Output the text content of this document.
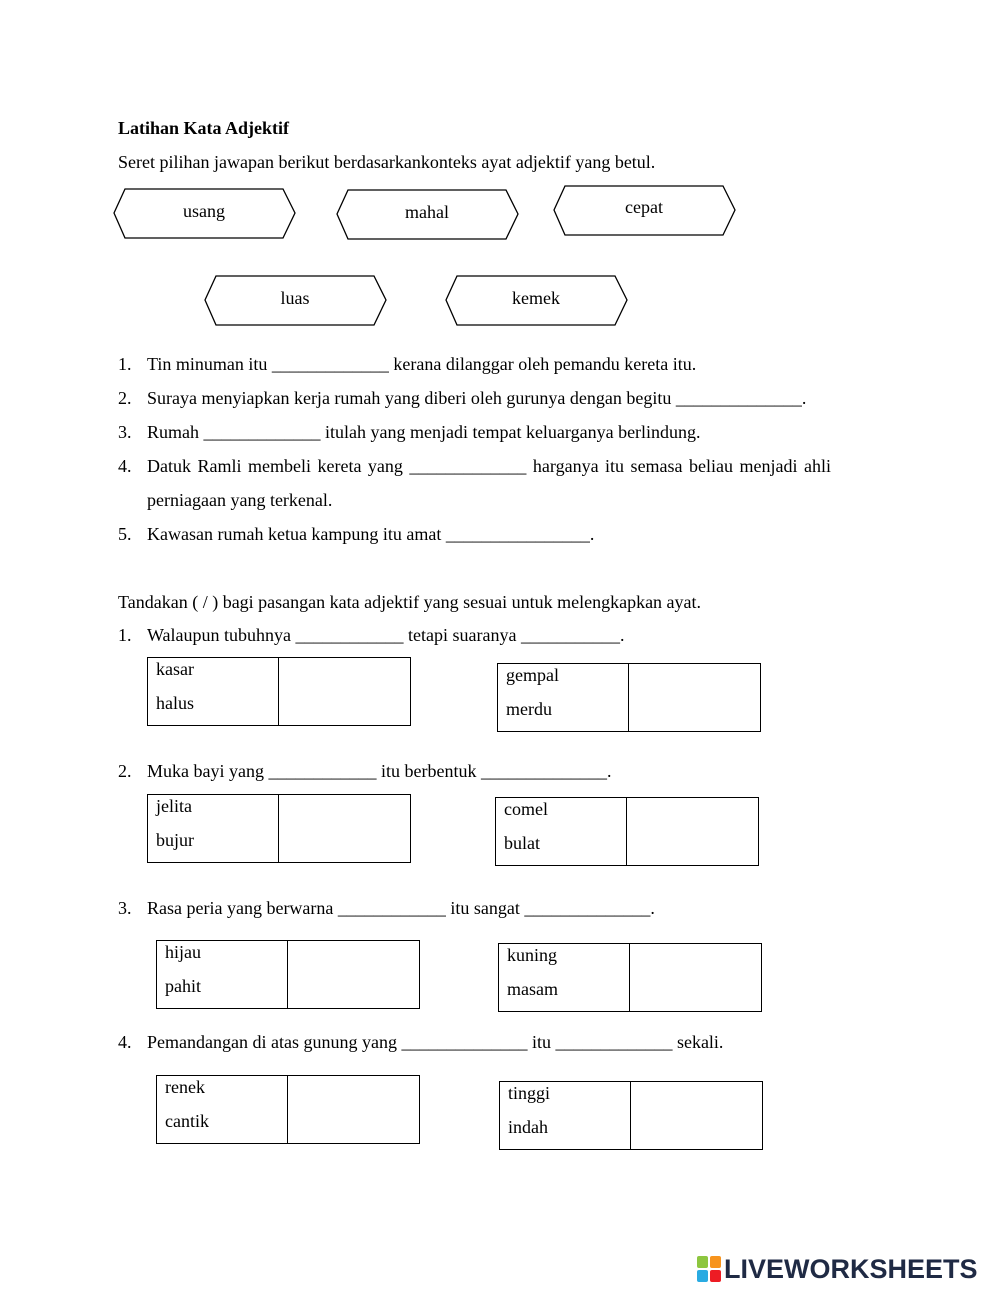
Latihan Kata Adjektif
Seret pilihan jawapan berikut berdasarkankonteks ayat adjektif yang betul.
usang	mahal	cepat
luas	kemek
1. Tin minuman itu _____________ kerana dilanggar oleh pemandu kereta itu.
2. Suraya menyiapkan kerja rumah yang diberi oleh gurunya dengan begitu ______________.
3. Rumah _____________ itulah yang menjadi tempat keluarganya berlindung.
4. Datuk Ramli membeli kereta yang _____________ harganya itu semasa beliau menjadi ahli
perniagaan yang terkenal.
5. Kawasan rumah ketua kampung itu amat ________________.
Tandakan ( / ) bagi pasangan kata adjektif yang sesuai untuk melengkapkan ayat.
1. Walaupun tubuhnya ____________ tetapi suaranya ___________.
kasar
halus
gempal
merdu
2. Muka bayi yang ____________ itu berbentuk ______________.
jelita
bujur
comel
bulat
3. Rasa peria yang berwarna ____________ itu sangat ______________.
hijau
pahit
kuning
masam
4. Pemandangan di atas gunung yang ______________ itu _____________ sekali.
renek
cantik
tinggi
indah
LIVEWORKSHEETS
